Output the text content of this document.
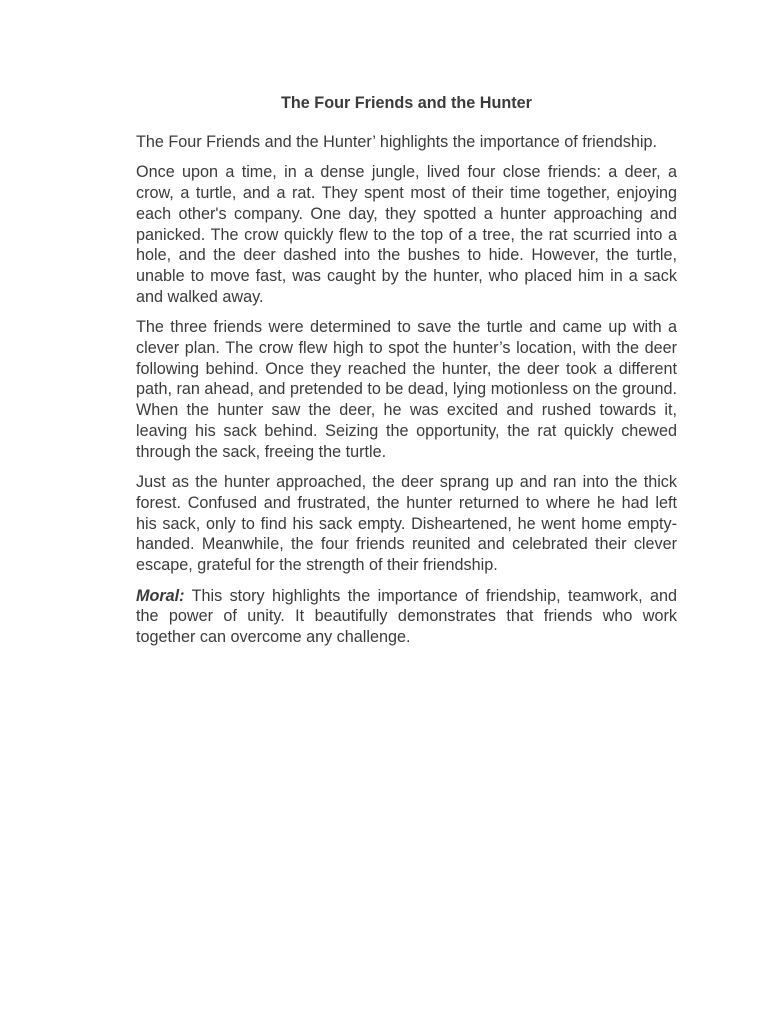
The Four Friends and the Hunter

The Four Friends and the Hunter’ highlights the importance of friendship.

Once upon a time, in a dense jungle, lived four close friends: a deer, a crow, a turtle, and a rat. They spent most of their time together, enjoying each other's company. One day, they spotted a hunter approaching and panicked. The crow quickly flew to the top of a tree, the rat scurried into a hole, and the deer dashed into the bushes to hide. However, the turtle, unable to move fast, was caught by the hunter, who placed him in a sack and walked away.

The three friends were determined to save the turtle and came up with a clever plan. The crow flew high to spot the hunter’s location, with the deer following behind. Once they reached the hunter, the deer took a different path, ran ahead, and pretended to be dead, lying motionless on the ground. When the hunter saw the deer, he was excited and rushed towards it, leaving his sack behind. Seizing the opportunity, the rat quickly chewed through the sack, freeing the turtle.

Just as the hunter approached, the deer sprang up and ran into the thick forest. Confused and frustrated, the hunter returned to where he had left his sack, only to find his sack empty. Disheartened, he went home empty-handed. Meanwhile, the four friends reunited and celebrated their clever escape, grateful for the strength of their friendship.

Moral: This story highlights the importance of friendship, teamwork, and the power of unity. It beautifully demonstrates that friends who work together can overcome any challenge.
